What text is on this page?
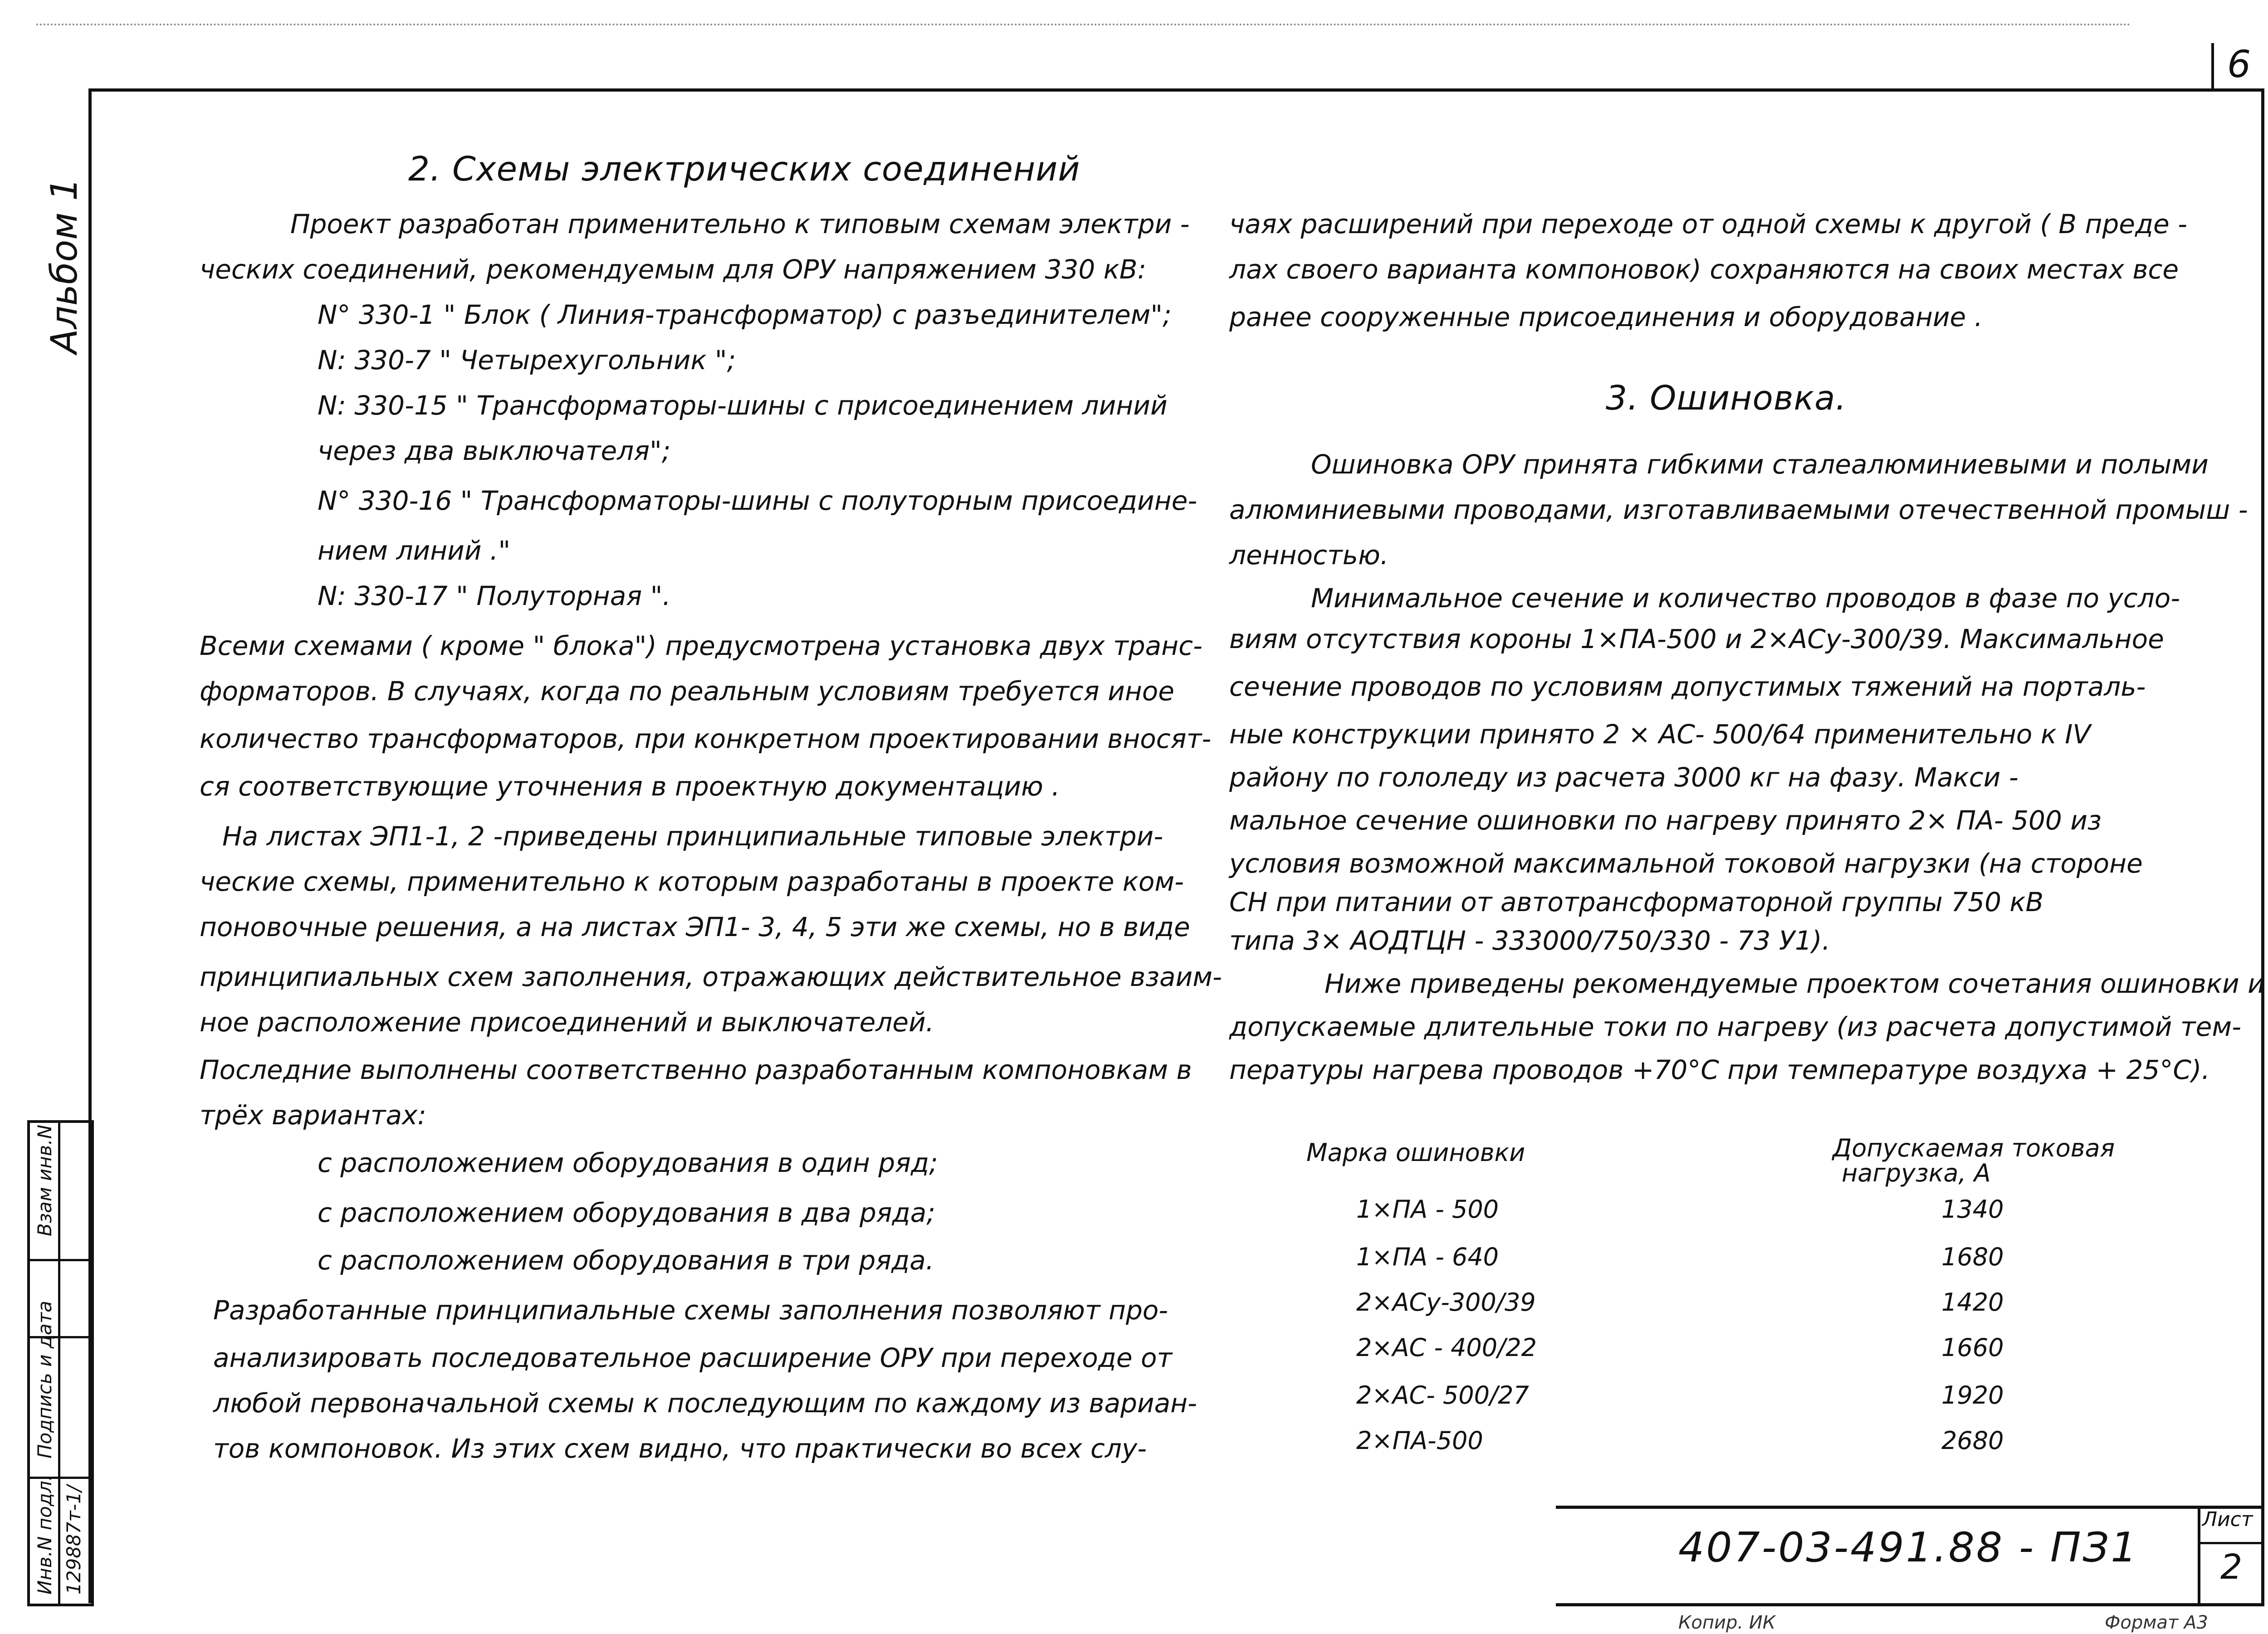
6
Альбом 1
Взам инв.N
Подпись и дата
Инв.N подл. 129887т-1/
2. Схемы электрических соединений
Проект разработан применительно к типовым схемам электри -
ческих соединений, рекомендуемым для ОРУ напряжением 330 кВ:
N° 330-1 " Блок ( Линия-трансформатор) с разъединителем";
N: 330-7 " Четырехугольник ";
N: 330-15 " Трансформаторы-шины с присоединением линий
через два выключателя";
N° 330-16 " Трансформаторы-шины с полуторным присоедине-
нием линий ."
N: 330-17 " Полуторная ".
Всеми схемами ( кроме " блока") предусмотрена установка двух транс-
форматоров. В случаях, когда по реальным условиям требуется иное
количество трансформаторов, при конкретном проектировании вносят-
ся соответствующие уточнения в проектную документацию .
На листах ЭП1-1, 2 -приведены принципиальные типовые электри-
ческие схемы, применительно к которым разработаны в проекте ком-
поновочные решения, а на листах ЭП1- 3, 4, 5 эти же схемы, но в виде
принципиальных схем заполнения, отражающих действительное взаим-
ное расположение присоединений и выключателей.
Последние выполнены соответственно разработанным компоновкам в
трёх вариантах:
с расположением оборудования в один ряд;
с расположением оборудования в два ряда;
с расположением оборудования в три ряда.
Разработанные принципиальные схемы заполнения позволяют про-
анализировать последовательное расширение ОРУ при переходе от
любой первоначальной схемы к последующим по каждому из вариан-
тов компоновок. Из этих схем видно, что практически во всех слу-
чаях расширений при переходе от одной схемы к другой ( В преде -
лах своего варианта компоновок) сохраняются на своих местах все
ранее сооруженные присоединения и оборудование .
3. Ошиновка.
Ошиновка ОРУ принята гибкими сталеалюминиевыми и полыми
алюминиевыми проводами, изготавливаемыми отечественной промыш -
ленностью.
Минимальное сечение и количество проводов в фазе по усло-
виям отсутствия короны 1×ПА-500 и 2×АСу-300/39. Максимальное
сечение проводов по условиям допустимых тяжений на порталь-
ные конструкции принято 2 × АС- 500/64 применительно к IV
району по гололеду из расчета 3000 кг на фазу. Макси -
мальное сечение ошиновки по нагреву принято 2× ПА- 500 из
условия возможной максимальной токовой нагрузки (на стороне
СН при питании от автотрансформаторной группы 750 кВ
типа 3× АОДТЦН - 333000/750/330 - 73 У1).
Ниже приведены рекомендуемые проектом сочетания ошиновки и
допускаемые длительные токи по нагреву (из расчета допустимой тем-
пературы нагрева проводов +70°С при температуре воздуха + 25°С).
Марка ошиновки	Допускаемая токовая
нагрузка, А
1×ПА - 500	1340
1×ПА - 640	1680
2×АСу-300/39	1420
2×АС - 400/22	1660
2×АС- 500/27	1920
2×ПА-500	2680
407-03-491.88 - ПЗ1
Лист
2
Копир. ИК	Формат А3
